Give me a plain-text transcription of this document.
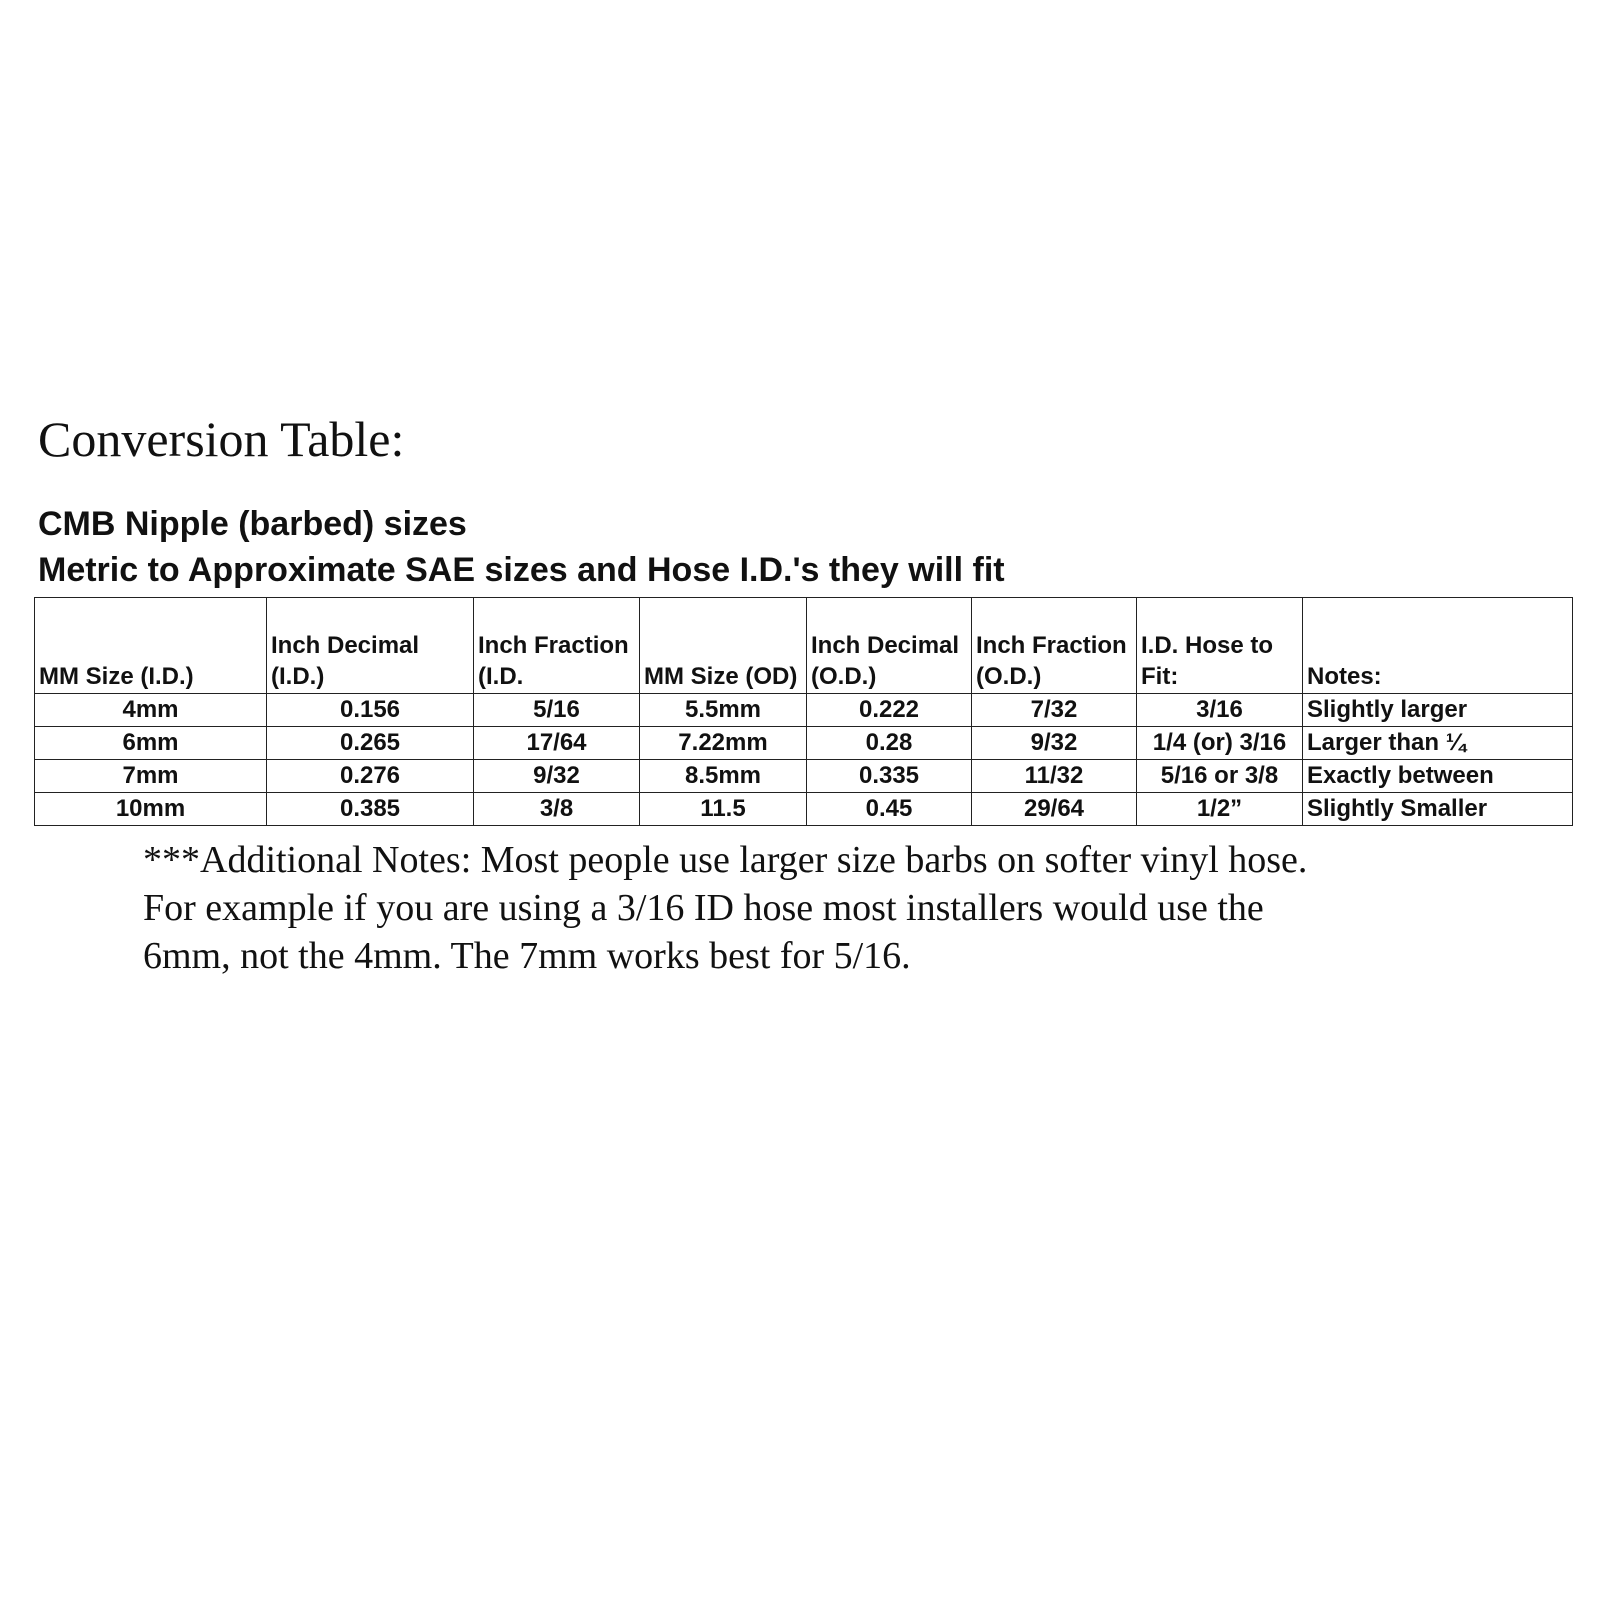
Conversion Table:
CMB Nipple (barbed) sizes
Metric to Approximate SAE sizes and Hose I.D.'s they will fit
MM Size (I.D.)	Inch Decimal (I.D.)	Inch Fraction (I.D.	MM Size (OD)	Inch Decimal (O.D.)	Inch Fraction (O.D.)	I.D. Hose to Fit:	Notes:
4mm	0.156	5/16	5.5mm	0.222	7/32	3/16	Slightly larger
6mm	0.265	17/64	7.22mm	0.28	9/32	1/4 (or) 3/16	Larger than ¼
7mm	0.276	9/32	8.5mm	0.335	11/32	5/16 or 3/8	Exactly between
10mm	0.385	3/8	11.5	0.45	29/64	1/2”	Slightly Smaller
***Additional Notes: Most people use larger size barbs on softer vinyl hose.
For example if you are using a 3/16 ID hose most installers would use the
6mm, not the 4mm. The 7mm works best for 5/16.
